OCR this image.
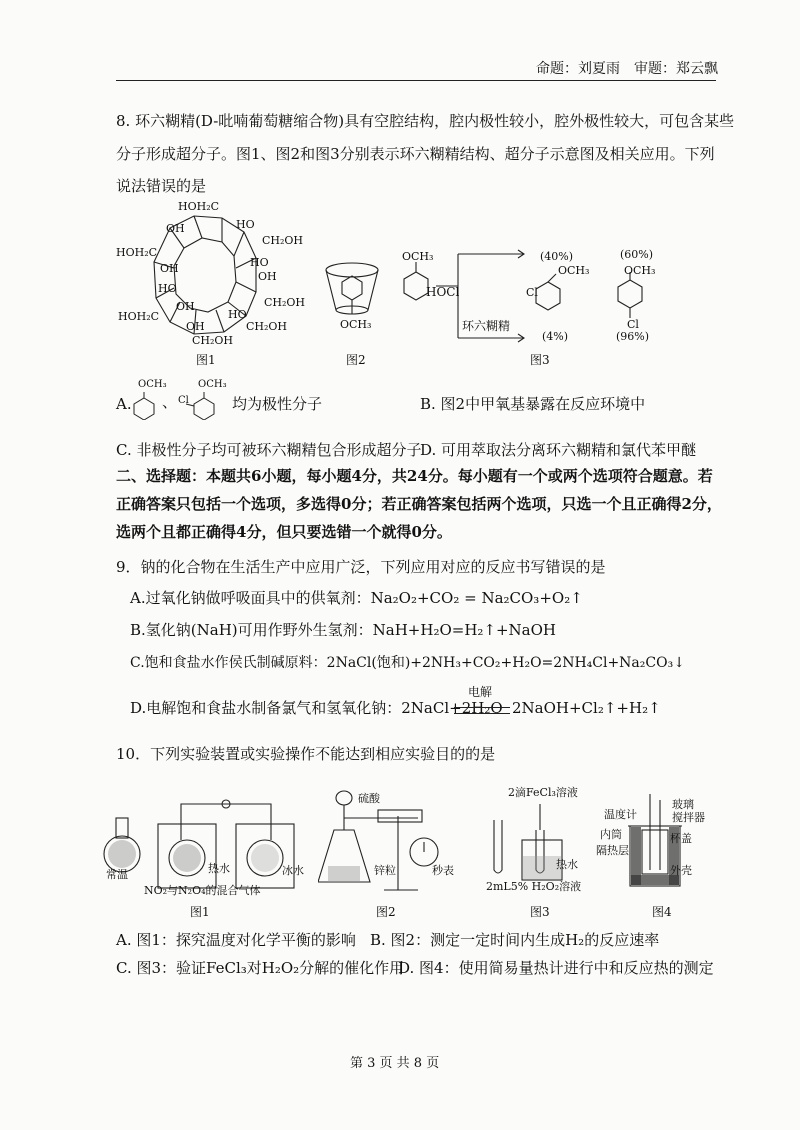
命题：刘夏雨　审题：郑云飘
8. 环六糊精(D-吡喃葡萄糖缩合物)具有空腔结构，腔内极性较小，腔外极性较大，可包含某些
分子形成超分子。图1、图2和图3分别表示环六糊精结构、超分子示意图及相关应用。下列
说法错误的是
HOH₂C
OH	HO
CH₂OH
HOH₂C
OH	HO
OH
HO
CH₂OH
HOH₂C
OH
HO
CH₂OH
OH
CH₂OH
图1
OCH₃
图2
OCH₃
HOCl
环六糊精
(40%)	(60%)
OCH₃
Cl
OCH₃
Cl
(4%)	(96%)
图3
A.
OCH₃
、
OCH₃
Cl	均为极性分子	B. 图2中甲氧基暴露在反应环境中
C. 非极性分子均可被环六糊精包合形成超分子
D. 可用萃取法分离环六糊精和氯代苯甲醚
二、选择题：本题共6小题，每小题4分，共24分。每小题有一个或两个选项符合题意。若
正确答案只包括一个选项，多选得0分；若正确答案包括两个选项，只选一个且正确得2分，
选两个且都正确得4分，但只要选错一个就得0分。
9．钠的化合物在生活生产中应用广泛，下列应用对应的反应书写错误的是
A.过氧化钠做呼吸面具中的供氧剂：Na₂O₂+CO₂ = Na₂CO₃+O₂↑
B.氢化钠(NaH)可用作野外生氢剂：NaH+H₂O=H₂↑+NaOH
C.饱和食盐水作侯氏制碱原料：2NaCl(饱和)+2NH₃+CO₂+H₂O=2NH₄Cl+Na₂CO₃↓
D.电解饱和食盐水制备氯气和氢氧化钠：2NaCl+2H₂O
电解
2NaOH+Cl₂↑+H₂↑
10．下列实验装置或实验操作不能达到相应实验目的的是
常温	热水	冰水
NO₂与N₂O₄的混合气体
图1
硫酸
锌粒	秒表
图2
2滴FeCl₃溶液
热水
2mL5% H₂O₂溶液
图3
温度计
玻璃
搅拌器
内筒
隔热层
杯盖
外壳
图4
A. 图1：探究温度对化学平衡的影响 B. 图2：测定一定时间内生成H₂的反应速率
C. 图3：验证FeCl₃对H₂O₂分解的催化作用
D. 图4：使用简易量热计进行中和反应热的测定
第 3 页 共 8 页
